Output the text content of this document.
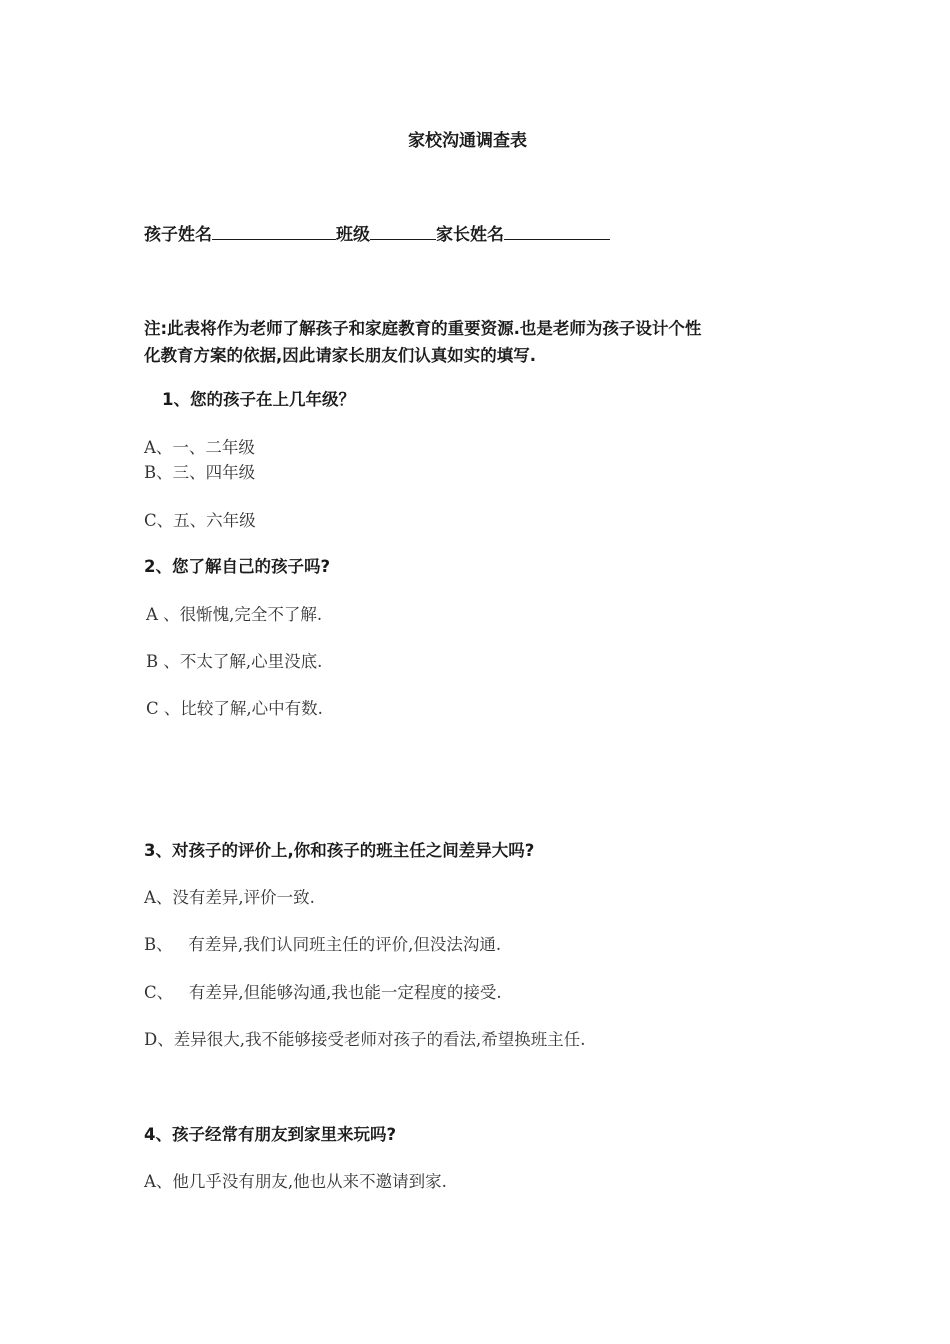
家校沟通调查表
孩子姓名	班级	家长姓名
注:此表将作为老师了解孩子和家庭教育的重要资源.也是老师为孩子设计个性
化教育方案的依据,因此请家长朋友们认真如实的填写.
1、您的孩子在上几年级？
A、一、二年级
B、三、四年级
C、五、六年级
2、您了解自己的孩子吗?
A 、很惭愧,完全不了解.
B 、不太了解,心里没底.
C 、比较了解,心中有数.
3、对孩子的评价上,你和孩子的班主任之间差异大吗?
A、没有差异,评价一致.
B、   有差异,我们认同班主任的评价,但没法沟通.
C、   有差异,但能够沟通,我也能一定程度的接受.
D、差异很大,我不能够接受老师对孩子的看法,希望换班主任.
4、孩子经常有朋友到家里来玩吗?
A、他几乎没有朋友,他也从来不邀请到家.
